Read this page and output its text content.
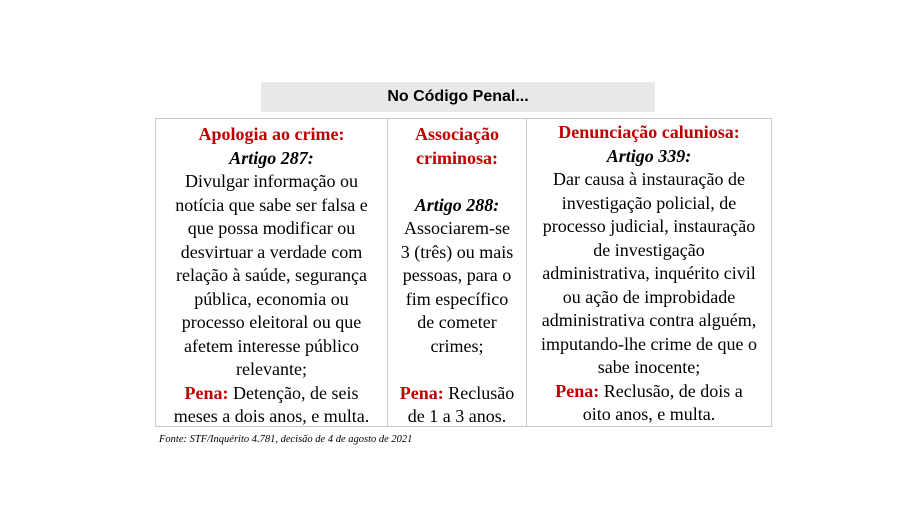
No Código Penal...
Apologia ao crime:
Artigo 287:
Divulgar informação ou
notícia que sabe ser falsa e
que possa modificar ou
desvirtuar a verdade com
relação à saúde, segurança
pública, economia ou
processo eleitoral ou que
afetem interesse público
relevante;
Pena: Detenção, de seis
meses a dois anos, e multa.
Associação
criminosa:
Artigo 288:
Associarem-se
3 (três) ou mais
pessoas, para o
fim específico
de cometer
crimes;
Pena: Reclusão
de 1 a 3 anos.
Denunciação caluniosa:
Artigo 339:
Dar causa à instauração de
investigação policial, de
processo judicial, instauração
de investigação
administrativa, inquérito civil
ou ação de improbidade
administrativa contra alguém,
imputando-lhe crime de que o
sabe inocente;
Pena: Reclusão, de dois a
oito anos, e multa.
Fonte: STF/Inquérito 4.781, decisão de 4 de agosto de 2021
